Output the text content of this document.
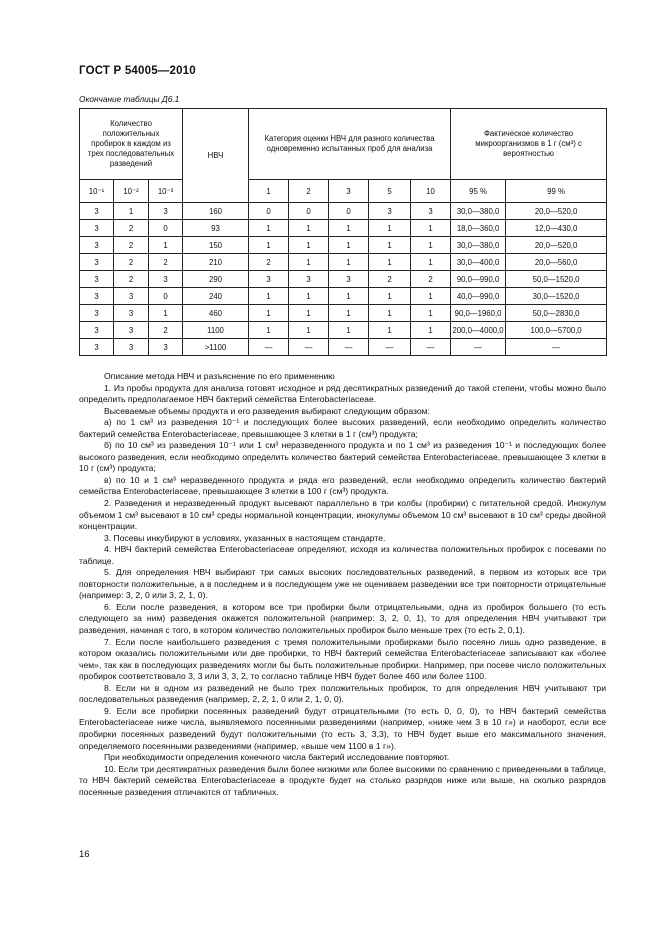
ГОСТ Р 54005—2010
Окончание таблицы Д6.1
Количество положительных пробирок в каждом из трех последовательных разведений			НВЧ	Категория оценки НВЧ для разного количества одновременно испытанных проб для анализа					Фактическое количество микроорганизмов в 1 г (см³) с вероятностью	
10⁻¹	10⁻²	10⁻³		1	2	3	5	10	95 %	99 %
3	1	3	160	0	0	0	3	3	30,0—380,0	20,0—520,0
3	2	0	93	1	1	1	1	1	18,0—360,0	12,0—430,0
3	2	1	150	1	1	1	1	1	30,0—380,0	20,0—520,0
3	2	2	210	2	1	1	1	1	30,0—400,0	20,0—560,0
3	2	3	290	3	3	3	2	2	90,0—990,0	50,0—1520,0
3	3	0	240	1	1	1	1	1	40,0—990,0	30,0—1520,0
3	3	1	460	1	1	1	1	1	90,0—1960,0	50,0—2830,0
3	3	2	1100	1	1	1	1	1	200,0—4000,0	100,0—5700,0
3	3	3	>1100	—	—	—	—	—	—	—

Описание метода НВЧ и разъяснение по его применению

1. Из пробы продукта для анализа готовят исходное и ряд десятикратных разведений до такой степени, чтобы можно было определить предполагаемое НВЧ бактерий семейства Enterobacteriaceae.

Высеваемые объемы продукта и его разведения выбирают следующим образом:

а) по 1 см³ из разведения 10⁻¹ и последующих более высоких разведений, если необходимо определить количество бактерий семейства Enterobacteriaceae, превышающее 3 клетки в 1 г (см³) продукта;

б) по 10 см³ из разведения 10⁻¹ или 1 см³ неразведенного продукта и по 1 см³ из разведения 10⁻¹ и последующих более высокого разведения, если необходимо определить количество бактерий семейства Enterobacteriaceae, превышающее 3 клетки в 10 г (см³) продукта;

в) по 10 и 1 см³ неразведенного продукта и ряда его разведений, если необходимо определить количество бактерий семейства Enterobacteriaceae, превышающее 3 клетки в 100 г (см³) продукта.

2. Разведения и неразведенный продукт высевают параллельно в три колбы (пробирки) с питательной средой. Инокулум объемом 1 см³ высевают в 10 см³ среды нормальной концентрации, инокулумы объемом 10 см³ высевают в 10 см³ среды двойной концентрации.

3. Посевы инкубируют в условиях, указанных в настоящем стандарте.

4. НВЧ бактерий семейства Enterobacteriaceae определяют, исходя из количества положительных пробирок с посевами по таблице.

5. Для определения НВЧ выбирают три самых высоких последовательных разведений, в первом из которых все три повторности положительные, а в последнем и в последующем уже не оцениваем разведении все три повторности отрицательные (например: 3, 2, 0 или 3, 2, 1, 0).

6. Если после разведения, в котором все три пробирки были отрицательными, одна из пробирок большего (то есть следующего за ним) разведения окажется положительной (например: 3, 2, 0, 1), то для определения НВЧ учитывают три разведения, начиная с того, в котором количество положительных пробирок было меньше трех (то есть 2, 0,1).

7. Если после наибольшего разведения с тремя положительными пробирками было посеяно лишь одно разведение, в котором оказались положительными или две пробирки, то НВЧ бактерий семейства Enterobacteriaceae записывают как «более чем», так как в последующих разведениях могли бы быть положительные пробирки. Например, при посеве число положительных пробирок соответствовало 3, 3 или 3, 3, 2, то согласно таблице НВЧ будет более 460 или более 1100.

8. Если ни в одном из разведений не было трех положительных пробирок, то для определения НВЧ учитывают три последовательных разведения (например, 2, 2, 1, 0 или 2, 1, 0, 0).

9. Если все пробирки посеянных разведений будут отрицательными (то есть 0, 0, 0), то НВЧ бактерий семейства Enterobacteriaceae ниже числа, выявляемого посеянными разведениями (например, «ниже чем 3 в 10 г») и наоборот, если все пробирки посеянных разведений будут положительными (то есть 3, 3,3), то НВЧ будет выше его максимального значения, определяемого посеянными разведениями (например, «выше чем 1100 в 1 г»).

При необходимости определения конечного числа бактерий исследование повторяют.

10. Если три десятикратных разведения были более низкими или более высокими по сравнению с приведенными в таблице, то НВЧ бактерий семейства Enterobacteriaceae в продукте будет на столько разрядов ниже или выше, на сколько разрядов посеянные разведения отличаются от табличных.

16
